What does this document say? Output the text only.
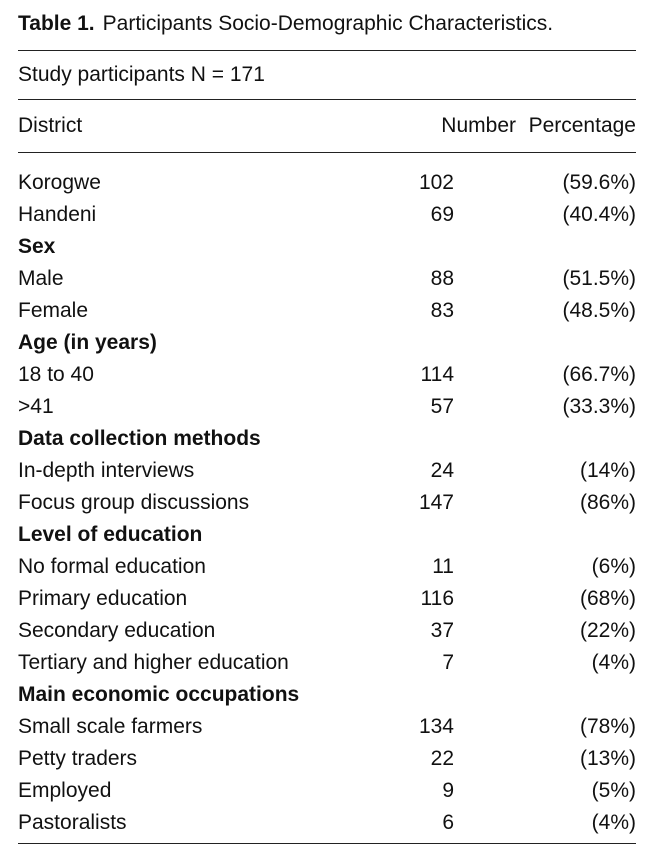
Table 1. Participants Socio-Demographic Characteristics.

Study participants N = 171
District	Number Percentage
Korogwe	102	(59.6%)
Handeni	69	(40.4%)
Sex
Male	88	(51.5%)
Female	83	(48.5%)
Age (in years)
18 to 40	114	(66.7%)
>41	57	(33.3%)
Data collection methods
In-depth interviews	24	(14%)
Focus group discussions	147	(86%)
Level of education
No formal education	11	(6%)
Primary education	116	(68%)
Secondary education	37	(22%)
Tertiary and higher education	7	(4%)
Main economic occupations
Small scale farmers	134	(78%)
Petty traders	22	(13%)
Employed	9	(5%)
Pastoralists	6	(4%)
